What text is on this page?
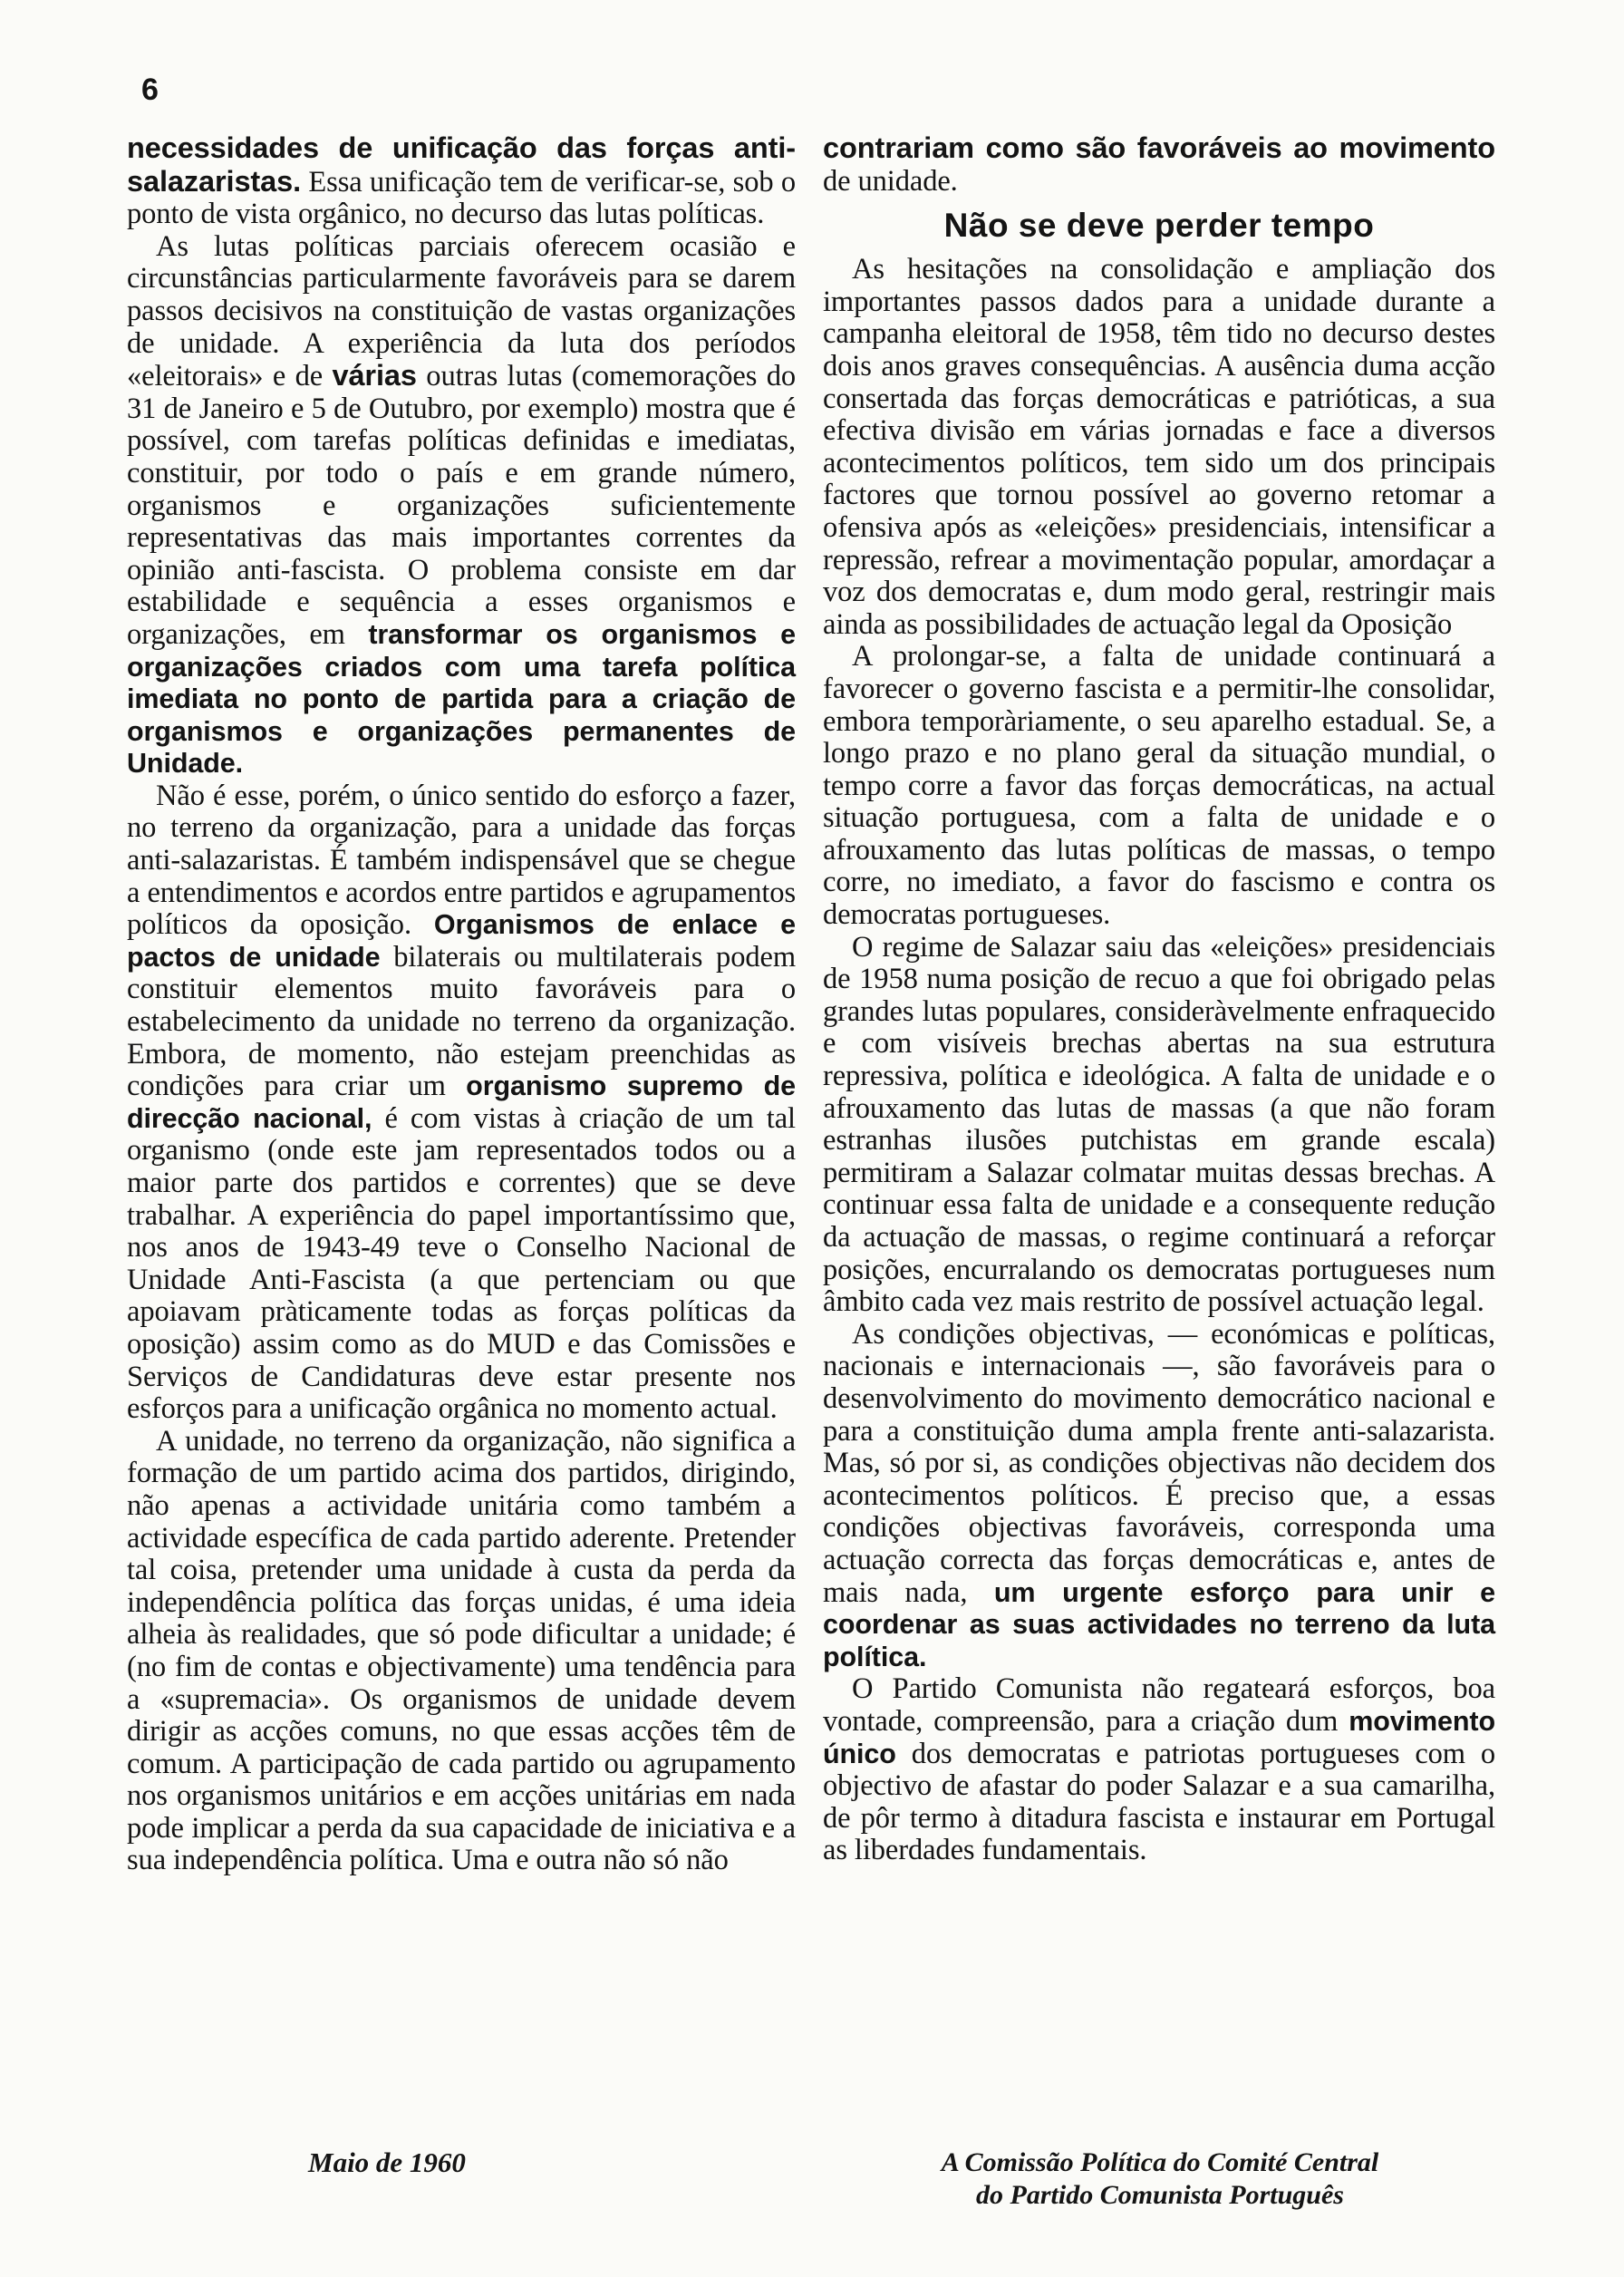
6

necessidades de unificação das forças anti-salazaristas. Essa unificação tem de verificar-se, sob o ponto de vista orgânico, no decurso das lutas políticas.

As lutas políticas parciais oferecem ocasião e circunstâncias particularmente favoráveis para se darem passos decisivos na constituição de vastas organizações de unidade. A experiência da luta dos períodos «eleitorais» e de várias outras lutas (comemorações do 31 de Janeiro e 5 de Outubro, por exemplo) mostra que é possível, com tarefas políticas definidas e imediatas, constituir, por todo o país e em grande número, organismos e organizações suficientemente representativas das mais importantes correntes da opinião anti-fascista. O problema consiste em dar estabilidade e sequência a esses organismos e organizações, em transformar os organismos e organizações criados com uma tarefa política imediata no ponto de partida para a criação de organismos e organizações permanentes de Unidade.

Não é esse, porém, o único sentido do esforço a fazer, no terreno da organização, para a unidade das forças anti-salazaristas. É também indispensável que se chegue a entendimentos e acordos entre partidos e agrupamentos políticos da oposição. Organismos de enlace e pactos de unidade bilaterais ou multilaterais podem constituir elementos muito favoráveis para o estabelecimento da unidade no terreno da organização. Embora, de momento, não estejam preenchidas as condições para criar um organismo supremo de direcção nacional, é com vistas à criação de um tal organismo (onde este jam representados todos ou a maior parte dos partidos e correntes) que se deve trabalhar. A experiência do papel importantíssimo que, nos anos de 1943-49 teve o Conselho Nacional de Unidade Anti-Fascista (a que pertenciam ou que apoiavam pràticamente todas as forças políticas da oposição) assim como as do MUD e das Comissões e Serviços de Candidaturas deve estar presente nos esforços para a unificação orgânica no momento actual.

A unidade, no terreno da organização, não significa a formação de um partido acima dos partidos, dirigindo, não apenas a actividade unitária como também a actividade específica de cada partido aderente. Pretender tal coisa, pretender uma unidade à custa da perda da independência política das forças unidas, é uma ideia alheia às realidades, que só pode dificultar a unidade; é (no fim de contas e objectivamente) uma tendência para a «supremacia». Os organismos de unidade devem dirigir as acções comuns, no que essas acções têm de comum. A participação de cada partido ou agrupamento nos organismos unitários e em acções unitárias em nada pode implicar a perda da sua capacidade de iniciativa e a sua independência política. Uma e outra não só não

contrariam como são favoráveis ao movimento de unidade.

Não se deve perder tempo

As hesitações na consolidação e ampliação dos importantes passos dados para a unidade durante a campanha eleitoral de 1958, têm tido no decurso destes dois anos graves consequências. A ausência duma acção consertada das forças democráticas e patrióticas, a sua efectiva divisão em várias jornadas e face a diversos acontecimentos políticos, tem sido um dos principais factores que tornou possível ao governo retomar a ofensiva após as «eleições» presidenciais, intensificar a repressão, refrear a movimentação popular, amordaçar a voz dos democratas e, dum modo geral, restringir mais ainda as possibilidades de actuação legal da Oposição

A prolongar-se, a falta de unidade continuará a favorecer o governo fascista e a permitir-lhe consolidar, embora temporàriamente, o seu aparelho estadual. Se, a longo prazo e no plano geral da situação mundial, o tempo corre a favor das forças democráticas, na actual situação portuguesa, com a falta de unidade e o afrouxamento das lutas políticas de massas, o tempo corre, no imediato, a favor do fascismo e contra os democratas portugueses.

O regime de Salazar saiu das «eleições» presidenciais de 1958 numa posição de recuo a que foi obrigado pelas grandes lutas populares, consideràvelmente enfraquecido e com visíveis brechas abertas na sua estrutura repressiva, política e ideológica. A falta de unidade e o afrouxamento das lutas de massas (a que não foram estranhas ilusões putchistas em grande escala) permitiram a Salazar colmatar muitas dessas brechas. A continuar essa falta de unidade e a consequente redução da actuação de massas, o regime continuará a reforçar posições, encurralando os democratas portugueses num âmbito cada vez mais restrito de possível actuação legal.

As condições objectivas, — económicas e políticas, nacionais e internacionais —, são favoráveis para o desenvolvimento do movimento democrático nacional e para a constituição duma ampla frente anti-salazarista. Mas, só por si, as condições objectivas não decidem dos acontecimentos políticos. É preciso que, a essas condições objectivas favoráveis, corresponda uma actuação correcta das forças democráticas e, antes de mais nada, um urgente esforço para unir e coordenar as suas actividades no terreno da luta política.

O Partido Comunista não regateará esforços, boa vontade, compreensão, para a criação dum movimento único dos democratas e patriotas portugueses com o objectivo de afastar do poder Salazar e a sua camarilha, de pôr termo à ditadura fascista e instaurar em Portugal as liberdades fundamentais.

Maio de 1960	A Comissão Política do Comité Central
do Partido Comunista Português
